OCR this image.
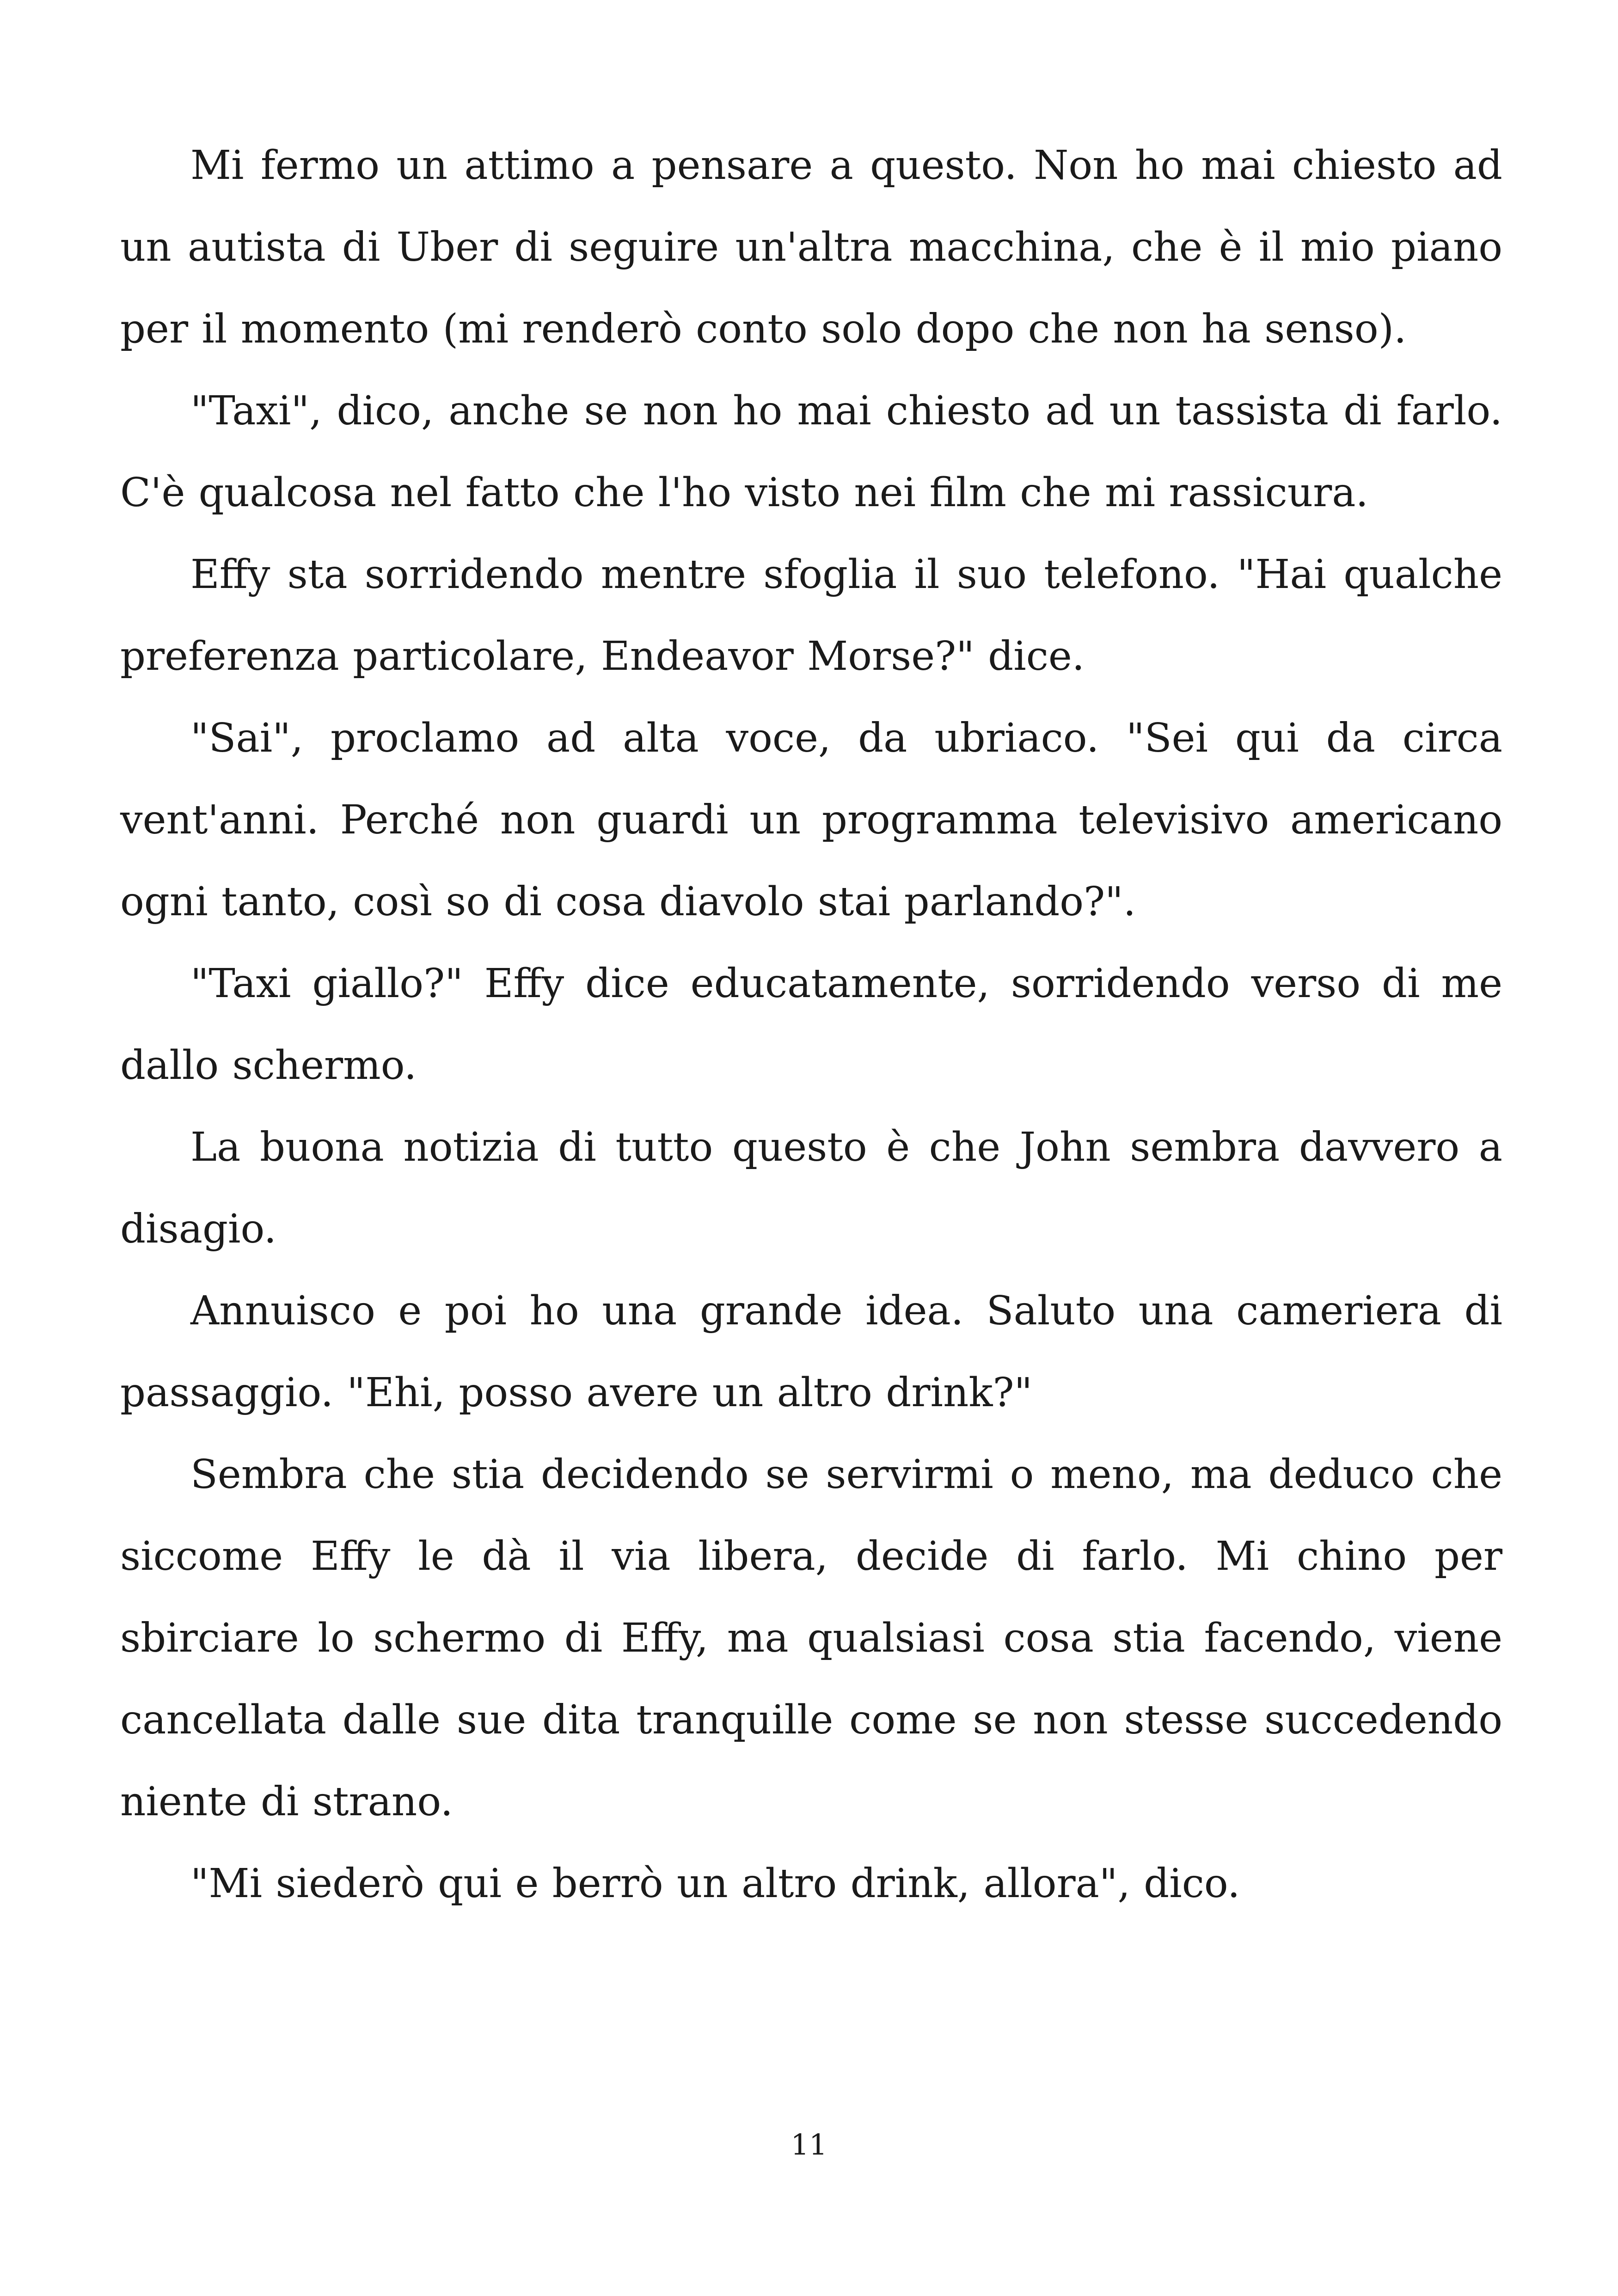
Mi fermo un attimo a pensare a questo. Non ho mai chiesto ad un autista di Uber di seguire un'altra macchina, che è il mio piano per il momento (mi renderò conto solo dopo che non ha senso).

"Taxi", dico, anche se non ho mai chiesto ad un tassista di farlo. C'è qualcosa nel fatto che l'ho visto nei film che mi rassicura.

Effy sta sorridendo mentre sfoglia il suo telefono. "Hai qualche preferenza particolare, Endeavor Morse?" dice.

"Sai", proclamo ad alta voce, da ubriaco. "Sei qui da circa vent'anni. Perché non guardi un programma televisivo americano ogni tanto, così so di cosa diavolo stai parlando?".

"Taxi giallo?" Effy dice educatamente, sorridendo verso di me dallo schermo.

La buona notizia di tutto questo è che John sembra davvero a disagio.

Annuisco e poi ho una grande idea. Saluto una cameriera di passaggio. "Ehi, posso avere un altro drink?"

Sembra che stia decidendo se servirmi o meno, ma deduco che siccome Effy le dà il via libera, decide di farlo. Mi chino per sbirciare lo schermo di Effy, ma qualsiasi cosa stia facendo, viene cancellata dalle sue dita tranquille come se non stesse succedendo niente di strano.

"Mi siederò qui e berrò un altro drink, allora", dico.

11
